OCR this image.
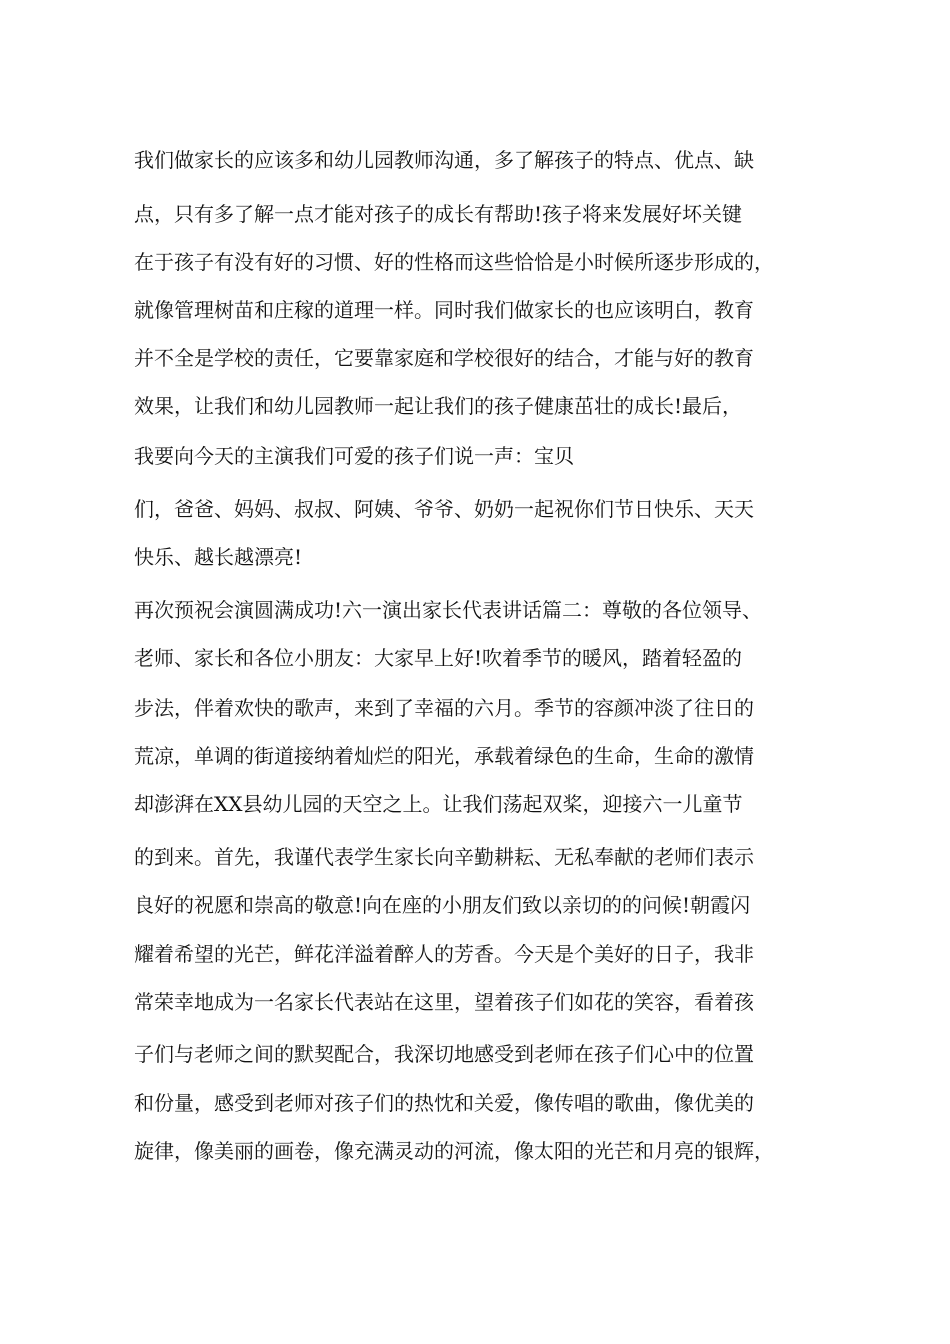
我们做家长的应该多和幼儿园教师沟通，多了解孩子的特点、优点、缺
点，只有多了解一点才能对孩子的成长有帮助!孩子将来发展好坏关键
在于孩子有没有好的习惯、好的性格而这些恰恰是小时候所逐步形成的，
就像管理树苗和庄稼的道理一样。同时我们做家长的也应该明白，教育
并不全是学校的责任，它要靠家庭和学校很好的结合，才能与好的教育
效果，让我们和幼儿园教师一起让我们的孩子健康茁壮的成长!最后，
我要向今天的主演我们可爱的孩子们说一声：宝贝
们，爸爸、妈妈、叔叔、阿姨、爷爷、奶奶一起祝你们节日快乐、天天
快乐、越长越漂亮!
再次预祝会演圆满成功!六一演出家长代表讲话篇二：尊敬的各位领导、
老师、家长和各位小朋友：大家早上好!吹着季节的暖风，踏着轻盈的
步法，伴着欢快的歌声，来到了幸福的六月。季节的容颜冲淡了往日的
荒凉，单调的街道接纳着灿烂的阳光，承载着绿色的生命，生命的激情
却澎湃在XX县幼儿园的天空之上。让我们荡起双桨，迎接六一儿童节
的到来。首先，我谨代表学生家长向辛勤耕耘、无私奉献的老师们表示
良好的祝愿和崇高的敬意!向在座的小朋友们致以亲切的的问候!朝霞闪
耀着希望的光芒，鲜花洋溢着醉人的芳香。今天是个美好的日子，我非
常荣幸地成为一名家长代表站在这里，望着孩子们如花的笑容，看着孩
子们与老师之间的默契配合，我深切地感受到老师在孩子们心中的位置
和份量，感受到老师对孩子们的热忱和关爱，像传唱的歌曲，像优美的
旋律，像美丽的画卷，像充满灵动的河流，像太阳的光芒和月亮的银辉，
